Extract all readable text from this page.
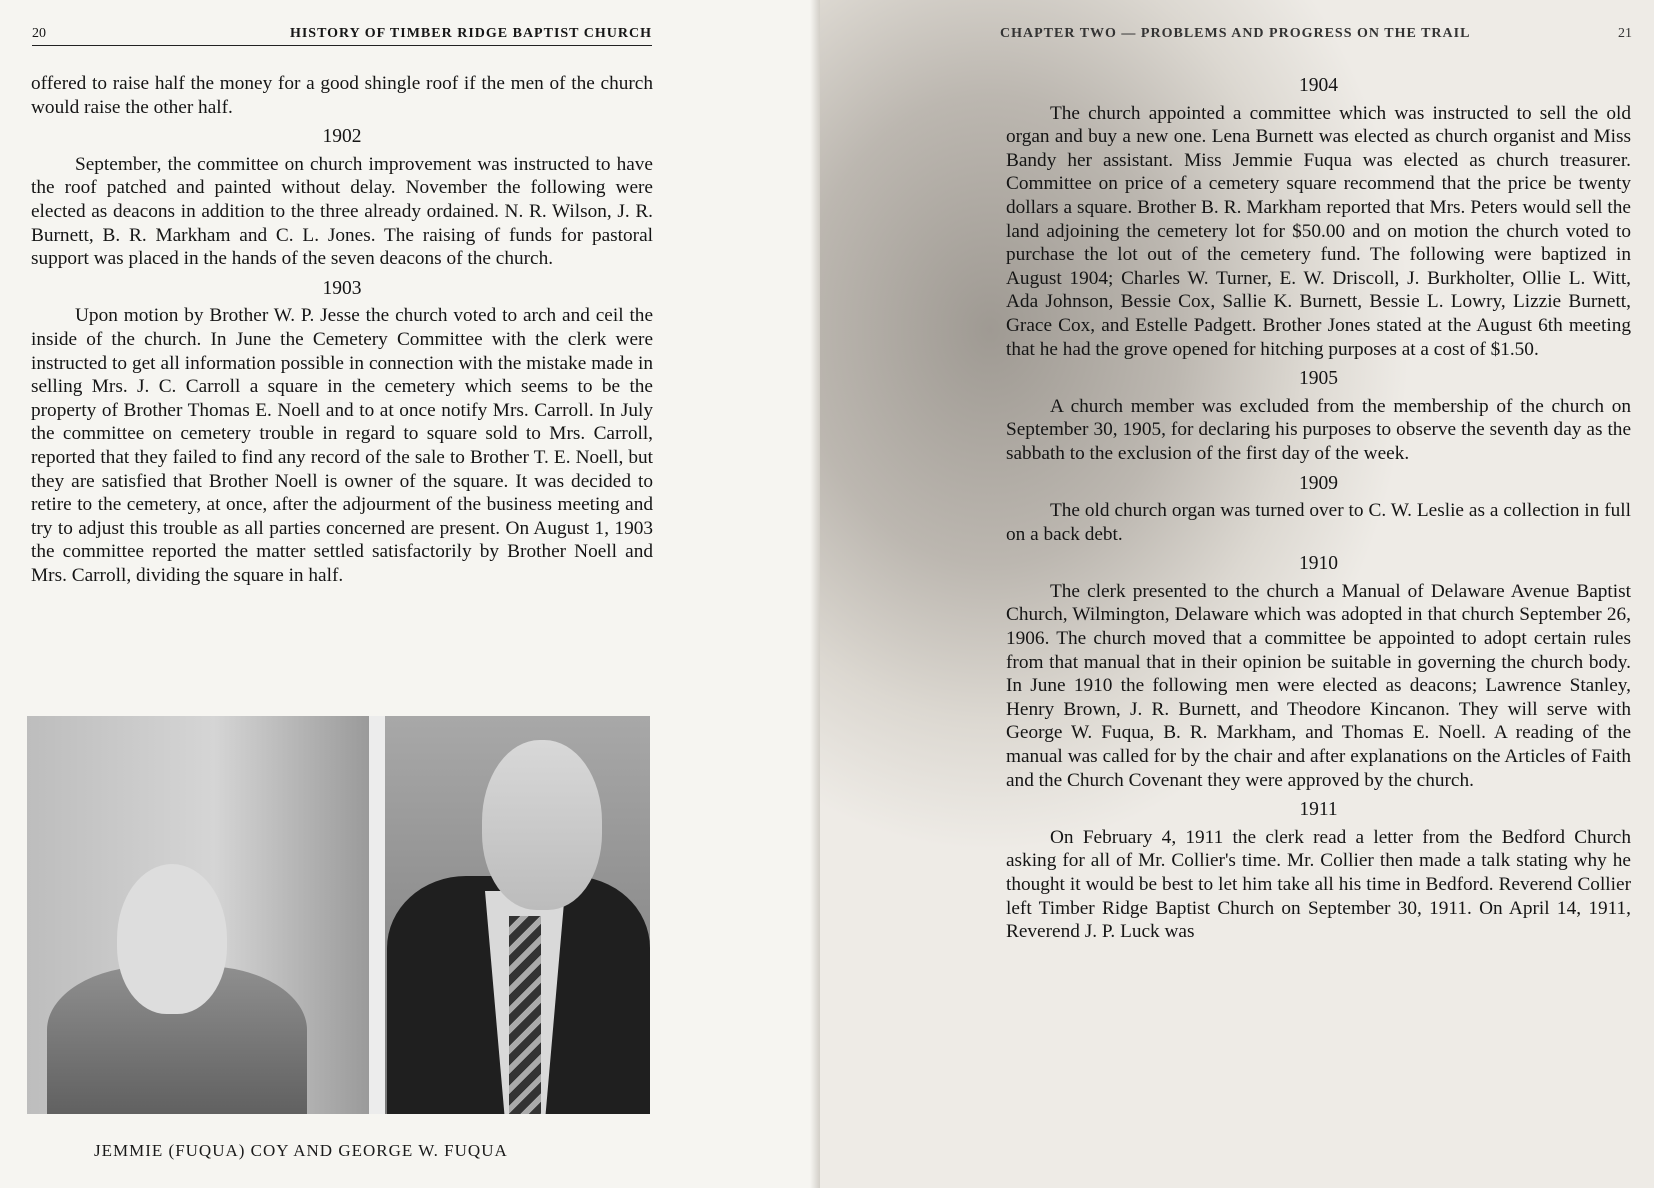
20	HISTORY OF TIMBER RIDGE BAPTIST CHURCH

offered to raise half the money for a good shingle roof if the men of the church would raise the other half.

1902

September, the committee on church improvement was instructed to have the roof patched and painted without delay. November the following were elected as deacons in addition to the three already ordained. N. R. Wilson, J. R. Burnett, B. R. Markham and C. L. Jones. The raising of funds for pastoral support was placed in the hands of the seven deacons of the church.

1903

Upon motion by Brother W. P. Jesse the church voted to arch and ceil the inside of the church. In June the Cemetery Committee with the clerk were instructed to get all information possible in connection with the mistake made in selling Mrs. J. C. Carroll a square in the cemetery which seems to be the property of Brother Thomas E. Noell and to at once notify Mrs. Carroll. In July the committee on cemetery trouble in regard to square sold to Mrs. Carroll, reported that they failed to find any record of the sale to Brother T. E. Noell, but they are satisfied that Brother Noell is owner of the square. It was decided to retire to the cemetery, at once, after the adjourment of the business meeting and try to adjust this trouble as all parties concerned are present. On August 1, 1903 the committee reported the matter settled satisfactorily by Brother Noell and Mrs. Carroll, dividing the square in half.

JEMMIE (FUQUA) COY AND GEORGE W. FUQUA
CHAPTER TWO — PROBLEMS AND PROGRESS ON THE TRAIL	21
1904

The church appointed a committee which was instructed to sell the old organ and buy a new one. Lena Burnett was elected as church organist and Miss Bandy her assistant. Miss Jemmie Fuqua was elected as church treasurer. Committee on price of a cemetery square recommend that the price be twenty dollars a square. Brother B. R. Markham reported that Mrs. Peters would sell the land adjoining the cemetery lot for $50.00 and on motion the church voted to purchase the lot out of the cemetery fund. The following were baptized in August 1904; Charles W. Turner, E. W. Driscoll, J. Burkholter, Ollie L. Witt, Ada Johnson, Bessie Cox, Sallie K. Burnett, Bessie L. Lowry, Lizzie Burnett, Grace Cox, and Estelle Padgett. Brother Jones stated at the August 6th meeting that he had the grove opened for hitching purposes at a cost of $1.50.

1905

A church member was excluded from the membership of the church on September 30, 1905, for declaring his purposes to observe the seventh day as the sabbath to the exclusion of the first day of the week.

1909

The old church organ was turned over to C. W. Leslie as a collection in full on a back debt.

1910

The clerk presented to the church a Manual of Delaware Avenue Baptist Church, Wilmington, Delaware which was adopted in that church September 26, 1906. The church moved that a committee be appointed to adopt certain rules from that manual that in their opinion be suitable in governing the church body. In June 1910 the following men were elected as deacons; Lawrence Stanley, Henry Brown, J. R. Burnett, and Theodore Kincanon. They will serve with George W. Fuqua, B. R. Markham, and Thomas E. Noell. A reading of the manual was called for by the chair and after explanations on the Articles of Faith and the Church Covenant they were approved by the church.

1911

On February 4, 1911 the clerk read a letter from the Bedford Church asking for all of Mr. Collier's time. Mr. Collier then made a talk stating why he thought it would be best to let him take all his time in Bedford. Reverend Collier left Timber Ridge Baptist Church on September 30, 1911. On April 14, 1911, Reverend J. P. Luck was
